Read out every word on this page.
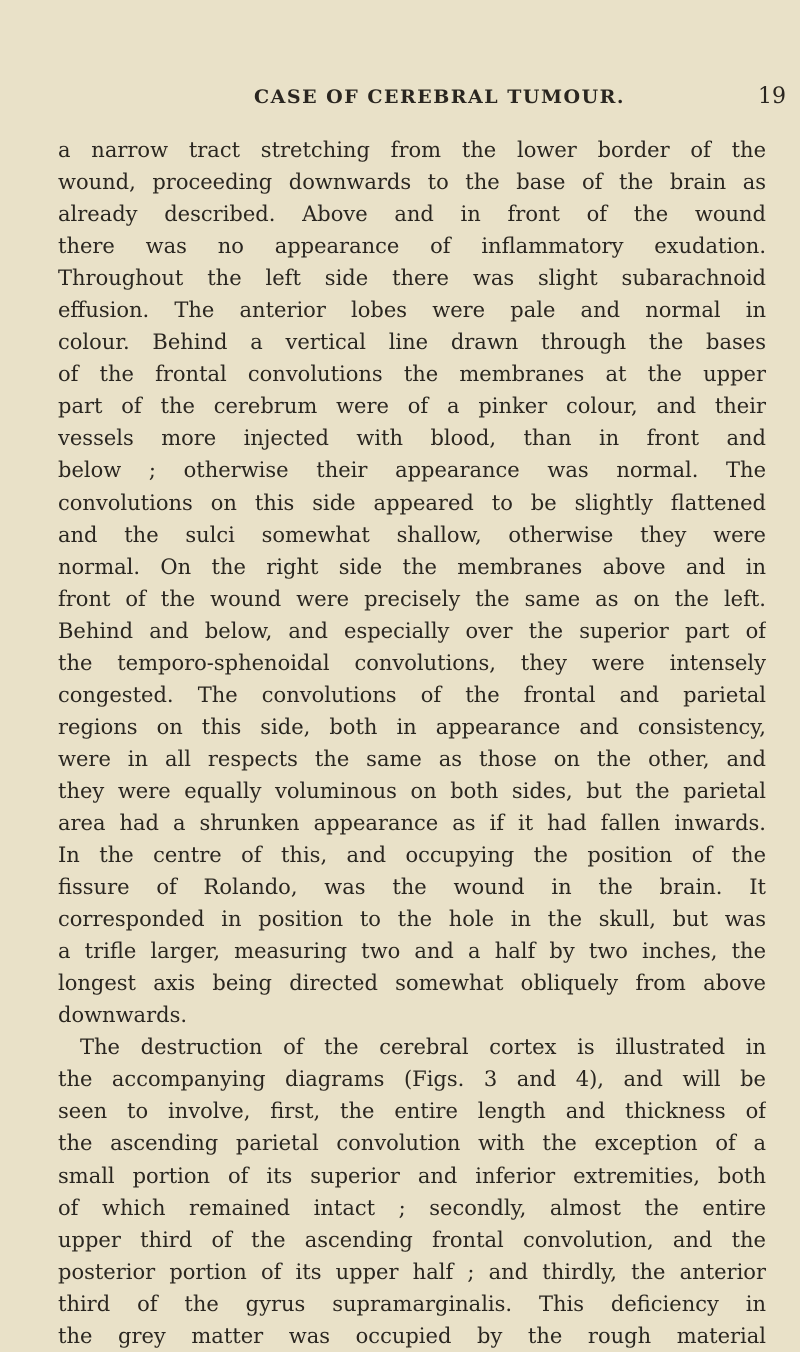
CASE OF CEREBRAL TUMOUR.	19
a narrow tract stretching from the lower border of the
wound, proceeding downwards to the base of the brain as
already described. Above and in front of the wound
there was no appearance of inflammatory exudation.
Throughout the left side there was slight subarachnoid
effusion. The anterior lobes were pale and normal in
colour. Behind a vertical line drawn through the bases
of the frontal convolutions the membranes at the upper
part of the cerebrum were of a pinker colour, and their
vessels more injected with blood, than in front and
below ; otherwise their appearance was normal. The
convolutions on this side appeared to be slightly flattened
and the sulci somewhat shallow, otherwise they were
normal. On the right side the membranes above and in
front of the wound were precisely the same as on the left.
Behind and below, and especially over the superior part of
the temporo-sphenoidal convolutions, they were intensely
congested. The convolutions of the frontal and parietal
regions on this side, both in appearance and consistency,
were in all respects the same as those on the other, and
they were equally voluminous on both sides, but the parietal
area had a shrunken appearance as if it had fallen inwards.
In the centre of this, and occupying the position of the
fissure of Rolando, was the wound in the brain. It
corresponded in position to the hole in the skull, but was
a trifle larger, measuring two and a half by two inches, the
longest axis being directed somewhat obliquely from above
downwards.
The destruction of the cerebral cortex is illustrated in
the accompanying diagrams (Figs. 3 and 4), and will be
seen to involve, first, the entire length and thickness of
the ascending parietal convolution with the exception of a
small portion of its superior and inferior extremities, both
of which remained intact ; secondly, almost the entire
upper third of the ascending frontal convolution, and the
posterior portion of its upper half ; and thirdly, the anterior
third of the gyrus supramarginalis. This deficiency in
the grey matter was occupied by the rough material
